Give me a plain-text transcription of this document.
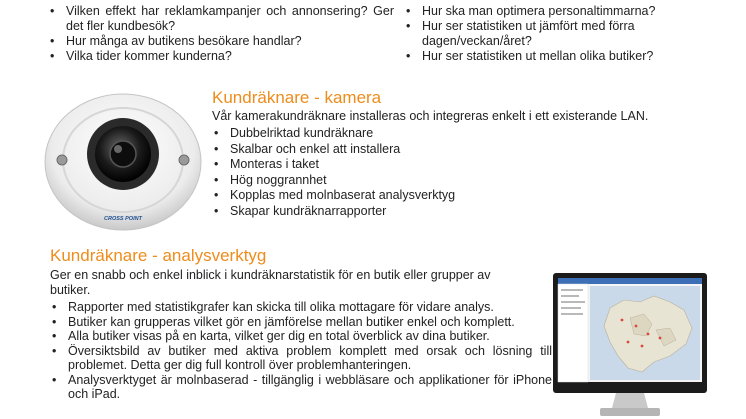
• Vilken effekt har reklamkampanjer och annonsering? Ger det fler kundbesök?
• Hur många av butikens besökare handlar?
• Vilka tider kommer kunderna?
• Hur ska man optimera personaltimmarna?
• Hur ser statistiken ut jämfört med förra dagen/veckan/året?
• Hur ser statistiken ut mellan olika butiker?
CROSS POINT
Kundräknare - kamera

Vår kamerakundräknare installeras och integreras enkelt i ett existerande LAN.

• Dubbelriktad kundräknare
• Skalbar och enkel att installera
• Monteras i taket
• Hög noggrannhet
• Kopplas med molnbaserat analysverktyg
• Skapar kundräknarrapporter
Kundräknare - analysverktyg

Ger en snabb och enkel inblick i kundräknarstatistik för en butik eller grupper av butiker.

• Rapporter med statistikgrafer kan skicka till olika mottagare för vidare analys.
• Butiker kan grupperas vilket gör en jämförelse mellan butiker enkel och komplett.
• Alla butiker visas på en karta, vilket ger dig en total överblick av dina butiker.
• Översiktsbild av butiker med aktiva problem komplett med orsak och lösning till problemet. Detta ger dig full kontroll över problemhanteringen.
• Analysverktyget är molnbaserad - tillgänglig i webbläsare och applikationer för iPhone och iPad.
